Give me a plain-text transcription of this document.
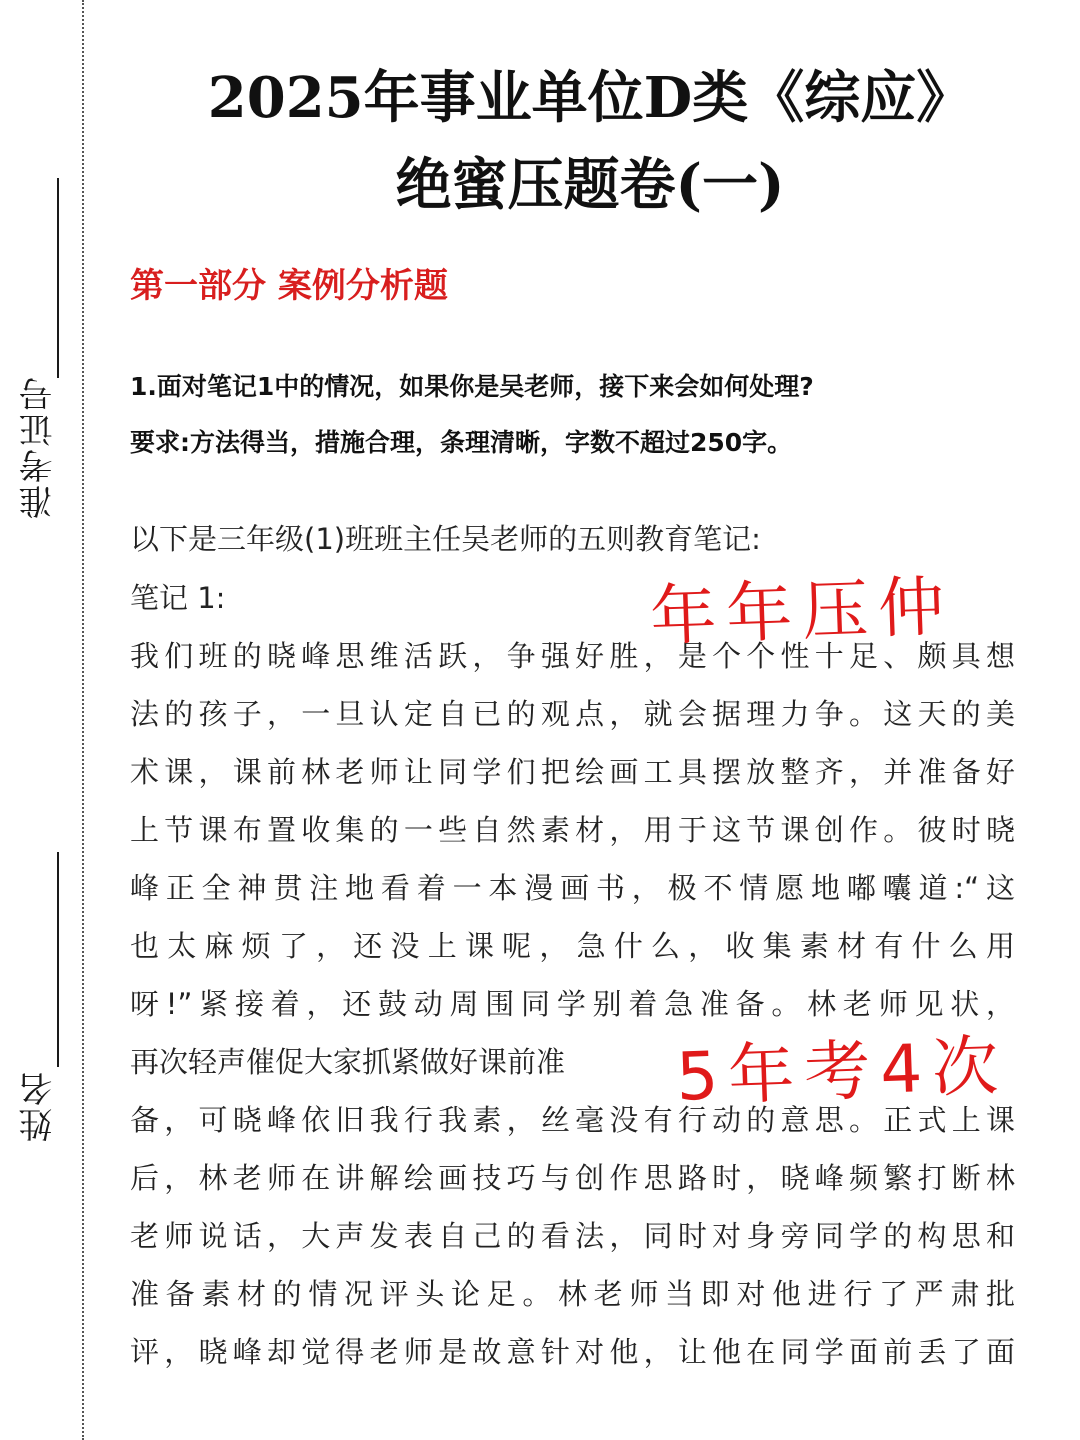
准考证号
姓名
2025年事业单位D类《综应》
绝蜜压题卷(一)
第一部分 案例分析题
1.面对笔记1中的情况，如果你是吴老师，接下来会如何处理?
要求:方法得当，措施合理，条理清晰，字数不超过250字。
以下是三年级(1)班班主任吴老师的五则教育笔记:
笔记 1:
我们班的晓峰思维活跃，争强好胜，是个个性十足、颇具想
法的孩子，一旦认定自已的观点，就会据理力争。这天的美
术课，课前林老师让同学们把绘画工具摆放整齐，并准备好
上节课布置收集的一些自然素材，用于这节课创作。彼时晓
峰正全神贯注地看着一本漫画书，极不情愿地嘟囔道:“这
也太麻烦了，还没上课呢，急什么，收集素材有什么用
呀!”紧接着，还鼓动周围同学别着急准备。林老师见状，
再次轻声催促大家抓紧做好课前准
备，可晓峰依旧我行我素，丝毫没有行动的意思。正式上课
后，林老师在讲解绘画技巧与创作思路时，晓峰频繁打断林
老师说话，大声发表自己的看法，同时对身旁同学的构思和
准备素材的情况评头论足。林老师当即对他进行了严肃批
评，晓峰却觉得老师是故意针对他，让他在同学面前丢了面
年年压仲
5年考4次
